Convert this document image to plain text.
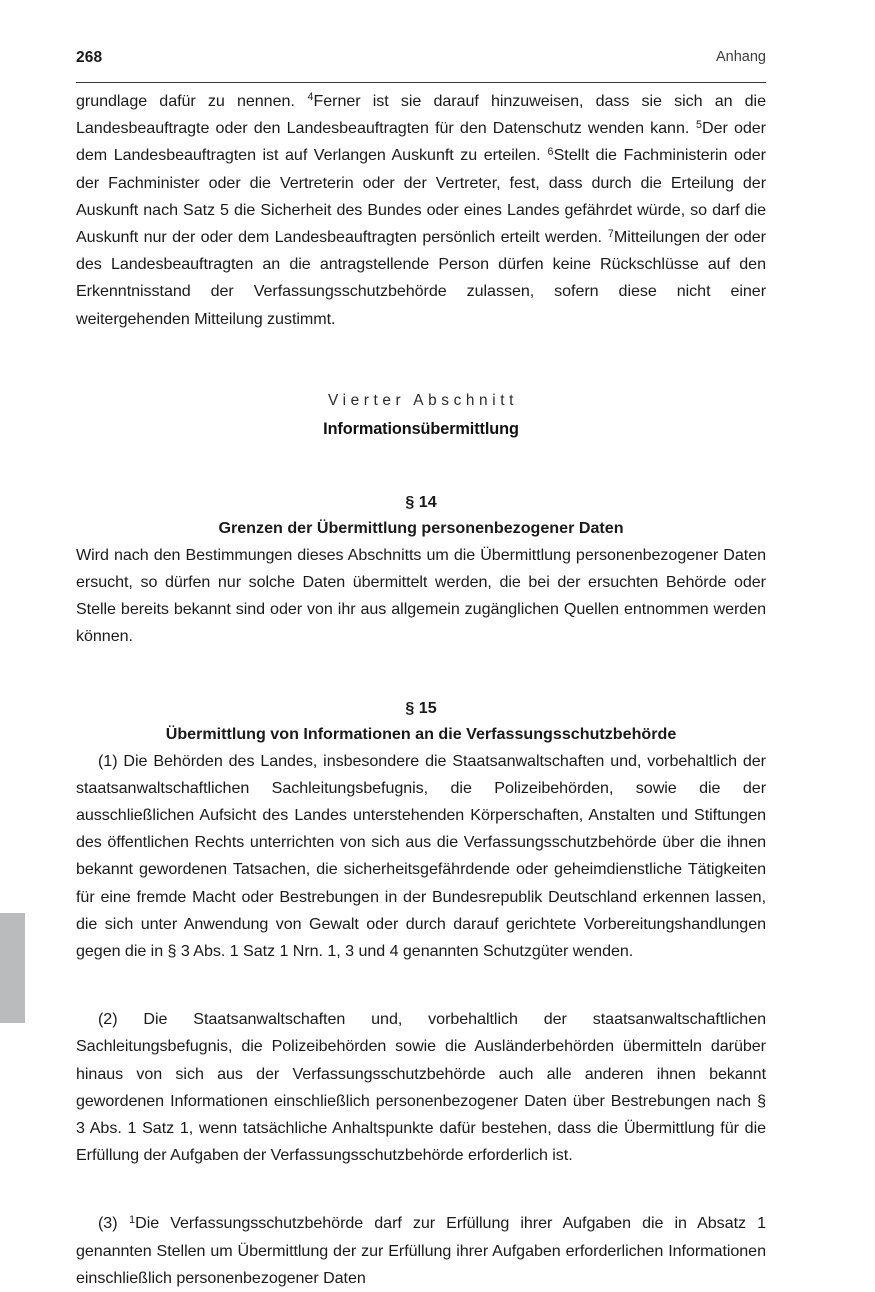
268	Anhang

grundlage dafür zu nennen. $^4$Ferner ist sie darauf hinzuweisen, dass sie sich an die Landesbeauftragte oder den Landesbeauftragten für den Datenschutz wenden kann. $^5$Der oder dem Landesbeauftragten ist auf Verlangen Auskunft zu erteilen. $^6$Stellt die Fachministerin oder der Fachminister oder die Vertreterin oder der Vertreter, fest, dass durch die Erteilung der Auskunft nach Satz 5 die Sicherheit des Bundes oder eines Landes gefährdet würde, so darf die Auskunft nur der oder dem Landesbeauftragten persönlich erteilt werden. $^7$Mitteilungen der oder des Landesbeauftragten an die antragstellende Person dürfen keine Rückschlüsse auf den Erkenntnisstand der Verfassungsschutzbehörde zulassen, sofern diese nicht einer weitergehenden Mitteilung zustimmt.

Vierter Abschnitt
Informationsübermittlung
§ 14
Grenzen der Übermittlung personenbezogener Daten

Wird nach den Bestimmungen dieses Abschnitts um die Übermittlung personenbezogener Daten ersucht, so dürfen nur solche Daten übermittelt werden, die bei der ersuchten Behörde oder Stelle bereits bekannt sind oder von ihr aus allgemein zugänglichen Quellen entnommen werden können.

§ 15
Übermittlung von Informationen an die Verfassungsschutzbehörde

(1) Die Behörden des Landes, insbesondere die Staatsanwaltschaften und, vorbehaltlich der staatsanwaltschaftlichen Sachleitungsbefugnis, die Polizeibehörden, sowie die der ausschließlichen Aufsicht des Landes unterstehenden Körperschaften, Anstalten und Stiftungen des öffentlichen Rechts unterrichten von sich aus die Verfassungsschutzbehörde über die ihnen bekannt gewordenen Tatsachen, die sicherheitsgefährdende oder geheimdienstliche Tätigkeiten für eine fremde Macht oder Bestrebungen in der Bundesrepublik Deutschland erkennen lassen, die sich unter Anwendung von Gewalt oder durch darauf gerichtete Vorbereitungshandlungen gegen die in § 3 Abs. 1 Satz 1 Nrn. 1, 3 und 4 genannten Schutzgüter wenden.

(2) Die Staatsanwaltschaften und, vorbehaltlich der staatsanwaltschaftlichen Sachleitungsbefugnis, die Polizeibehörden sowie die Ausländerbehörden übermitteln darüber hinaus von sich aus der Verfassungsschutzbehörde auch alle anderen ihnen bekannt gewordenen Informationen einschließlich personenbezogener Daten über Bestrebungen nach § 3 Abs. 1 Satz 1, wenn tatsächliche Anhaltspunkte dafür bestehen, dass die Übermittlung für die Erfüllung der Aufgaben der Verfassungsschutzbehörde erforderlich ist.

(3) $^1$Die Verfassungsschutzbehörde darf zur Erfüllung ihrer Aufgaben die in Absatz 1 genannten Stellen um Übermittlung der zur Erfüllung ihrer Aufgaben erforderlichen Informationen einschließlich personenbezogener Daten
